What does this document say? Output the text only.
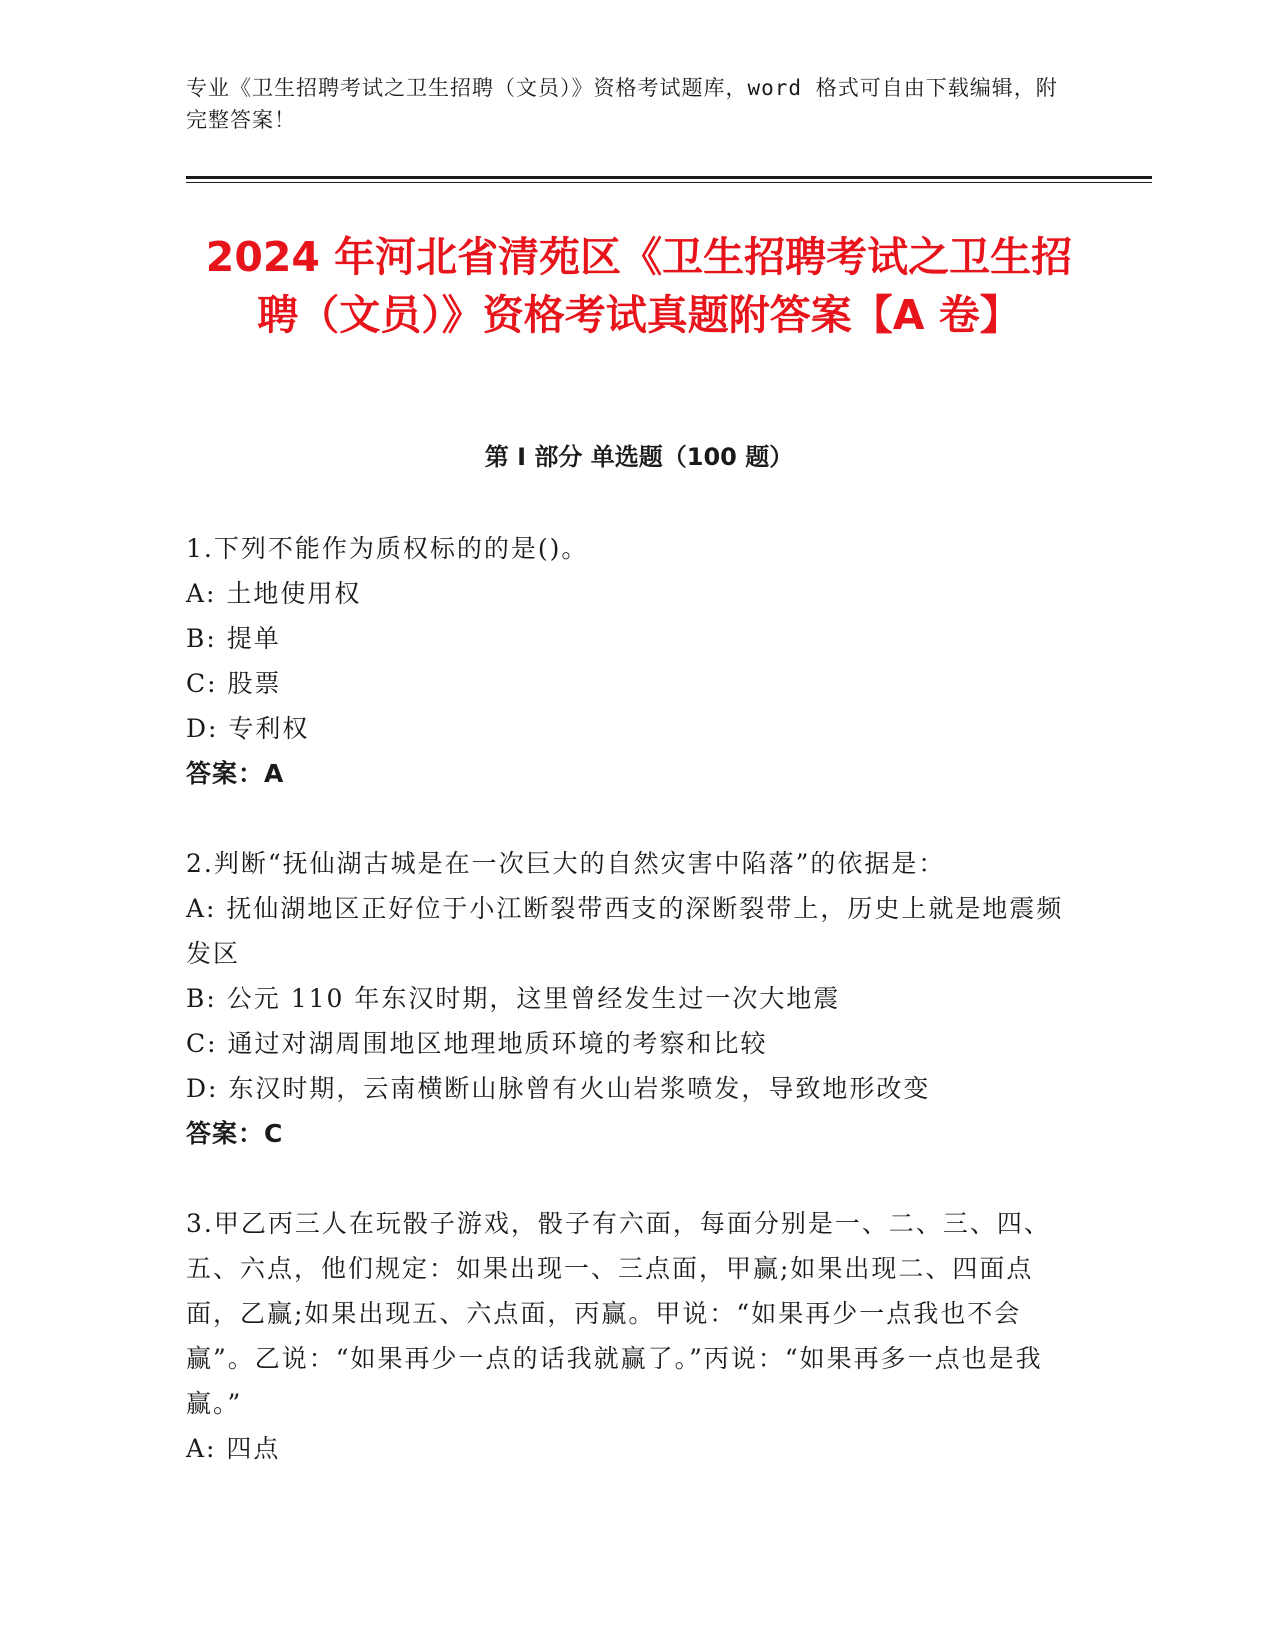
专业《卫生招聘考试之卫生招聘（文员）》资格考试题库，word 格式可自由下载编辑，附完整答案！
2024 年河北省清苑区《卫生招聘考试之卫生招聘（文员）》资格考试真题附答案【A 卷】
第 I 部分 单选题（100 题）

1.下列不能作为质权标的的是()。

A: 土地使用权

B: 提单

C: 股票

D: 专利权

答案：A

2.判断“抚仙湖古城是在一次巨大的自然灾害中陷落”的依据是：

A: 抚仙湖地区正好位于小江断裂带西支的深断裂带上，历史上就是地震频发区

B: 公元 110 年东汉时期，这里曾经发生过一次大地震

C: 通过对湖周围地区地理地质环境的考察和比较

D: 东汉时期，云南横断山脉曾有火山岩浆喷发，导致地形改变

答案：C

3.甲乙丙三人在玩骰子游戏，骰子有六面，每面分别是一、二、三、四、五、六点，他们规定：如果出现一、三点面，甲赢;如果出现二、四面点面，乙赢;如果出现五、六点面，丙赢。甲说：“如果再少一点我也不会赢”。乙说：“如果再少一点的话我就赢了。”丙说：“如果再多一点也是我赢。”

A: 四点
